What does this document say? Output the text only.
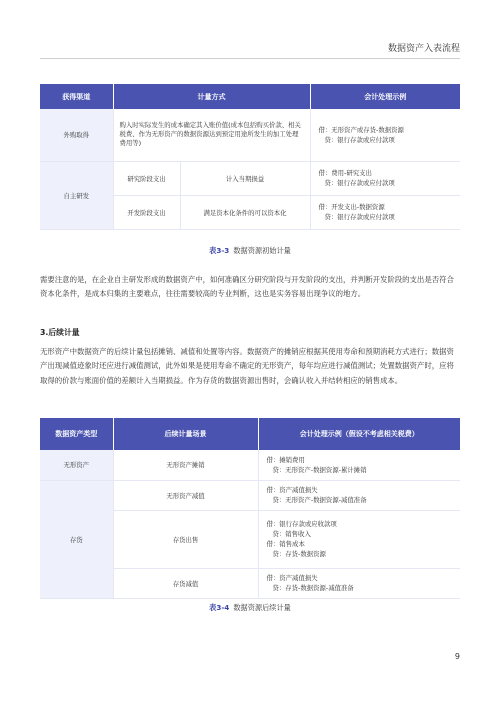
数据资产入表流程
获得渠道	计量方式		会计处理示例
外购取得	购入时实际发生的成本确定其入账价值(成本包括购买价款、相关税费、作为无形资产的数据资源达到预定用途所发生的加工处理费用等)		借：无形资产或存货-数据资源
贷：银行存款或应付款项

自主研发	研究阶段支出	计入当期损益	借：费用-研究支出
贷：银行存款或应付款项

	开发阶段支出	满足资本化条件的可以资本化	借：开发支出-数据资源
贷：银行存款或应付款项
表3-3 数据资源初始计量
需要注意的是，在企业自主研发形成的数据资产中，如何准确区分研究阶段与开发阶段的支出，并判断开发阶段的支出是否符合资本化条件，是成本归集的主要难点，往往需要较高的专业判断，这也是实务容易出现争议的地方。
3.后续计量
无形资产中数据资产的后续计量包括摊销、减值和处置等内容。数据资产的摊销应根据其使用寿命和预期消耗方式进行；数据资产出现减值迹象时还应进行减值测试，此外如果是使用寿命不确定的无形资产，每年均应进行减值测试；处置数据资产时，应将取得的价款与账面价值的差额计入当期损益。作为存货的数据资源出售时，会确认收入并结转相应的销售成本。
数据资产类型	后续计量场景	会计处理示例（假设不考虑相关税费）
无形资产	无形资产摊销	借：摊销费用
贷：无形资产-数据资源-累计摊销

存货	无形资产减值	借：资产减值损失
贷：无形资产-数据资源-减值准备

	存货出售	借：银行存款或应收款项
贷：销售收入
借：销售成本
贷：存货-数据资源

	存货减值	借：资产减值损失
贷：存货-数据资源-减值准备
表3-4 数据资源后续计量
9
